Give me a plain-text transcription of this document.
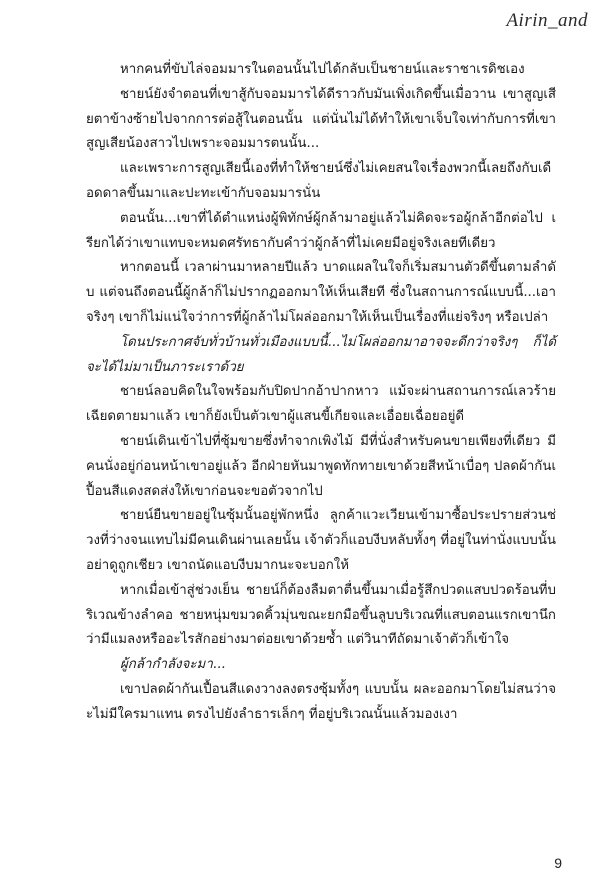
Airin_and

หากคนที่ขับไล่จอมมารในตอนนั้นไปได้กลับเป็นชายน์และราชาเรดิชเอง

ชายน์ยังจำตอนที่เขาสู้กับจอมมารได้ดีราวกับมันเพิ่งเกิดขึ้นเมื่อวาน เขาสูญเสียตาข้างซ้ายไปจากการต่อสู้ในตอนนั้น แต่นั่นไม่ได้ทำให้เขาเจ็บใจเท่ากับการที่เขาสูญเสียน้องสาวไปเพราะจอมมารตนนั้น...

และเพราะการสูญเสียนี้เองที่ทำให้ชายน์ซึ่งไม่เคยสนใจเรื่องพวกนี้เลยถึงกับเดือดดาลขึ้นมาและปะทะเข้ากับจอมมารนั่น

ตอนนั้น...เขาที่ได้ตำแหน่งผู้พิทักษ์ผู้กล้ามาอยู่แล้วไม่คิดจะรอผู้กล้าอีกต่อไป เรียกได้ว่าเขาแทบจะหมดศรัทธากับคำว่าผู้กล้าที่ไม่เคยมีอยู่จริงเลยทีเดียว

หากตอนนี้ เวลาผ่านมาหลายปีแล้ว บาดแผลในใจก็เริ่มสมานตัวดีขึ้นตามลำดับ แต่จนถึงตอนนี้ผู้กล้าก็ไม่ปรากฏออกมาให้เห็นเสียที ซึ่งในสถานการณ์แบบนี้...เอาจริงๆ เขาก็ไม่แน่ใจว่าการที่ผู้กล้าไม่โผล่ออกมาให้เห็นเป็นเรื่องที่แย่จริงๆ หรือเปล่า

โดนประกาศจับทั่วบ้านทั่วเมืองแบบนี้...ไม่โผล่ออกมาอาจจะดีกว่าจริงๆ ก็ได้ จะได้ไม่มาเป็นภาระเราด้วย

ชายน์ลอบคิดในใจพร้อมกับปิดปากอ้าปากหาว แม้จะผ่านสถานการณ์เลวร้าย เฉียดตายมาแล้ว เขาก็ยังเป็นตัวเขาผู้แสนขี้เกียจและเอื่อยเฉื่อยอยู่ดี

ชายน์เดินเข้าไปที่ซุ้มขายซึ่งทำจากเพิงไม้ มีที่นั่งสำหรับคนขายเพียงที่เดียว มีคนนั่งอยู่ก่อนหน้าเขาอยู่แล้ว อีกฝ่ายหันมาพูดทักทายเขาด้วยสีหน้าเบื่อๆ ปลดผ้ากันเปื้อนสีแดงสดส่งให้เขาก่อนจะขอตัวจากไป

ชายน์ยืนขายอยู่ในซุ้มนั้นอยู่พักหนึ่ง ลูกค้าแวะเวียนเข้ามาซื้อประปรายส่วนช่วงที่ว่างจนแทบไม่มีคนเดินผ่านเลยนั้น เจ้าตัวก็แอบงีบหลับทั้งๆ ที่อยู่ในท่านั่งแบบนั้น อย่าดูถูกเชียว เขาถนัดแอบงีบมากนะจะบอกให้

หากเมื่อเข้าสู่ช่วงเย็น ชายน์ก็ต้องลืมตาตื่นขึ้นมาเมื่อรู้สึกปวดแสบปวดร้อนที่บริเวณข้างลำคอ ชายหนุ่มขมวดคิ้วมุ่นขณะยกมือขึ้นลูบบริเวณที่แสบตอนแรกเขานึกว่ามีแมลงหรืออะไรสักอย่างมาต่อยเขาด้วยซ้ำ แต่วินาทีถัดมาเจ้าตัวก็เข้าใจ

ผู้กล้ากำลังจะมา...

เขาปลดผ้ากันเปื้อนสีแดงวางลงตรงซุ้มทั้งๆ แบบนั้น ผละออกมาโดยไม่สนว่าจะไม่มีใครมาแทน ตรงไปยังลำธารเล็กๆ ที่อยู่บริเวณนั้นแล้วมองเงา

9
